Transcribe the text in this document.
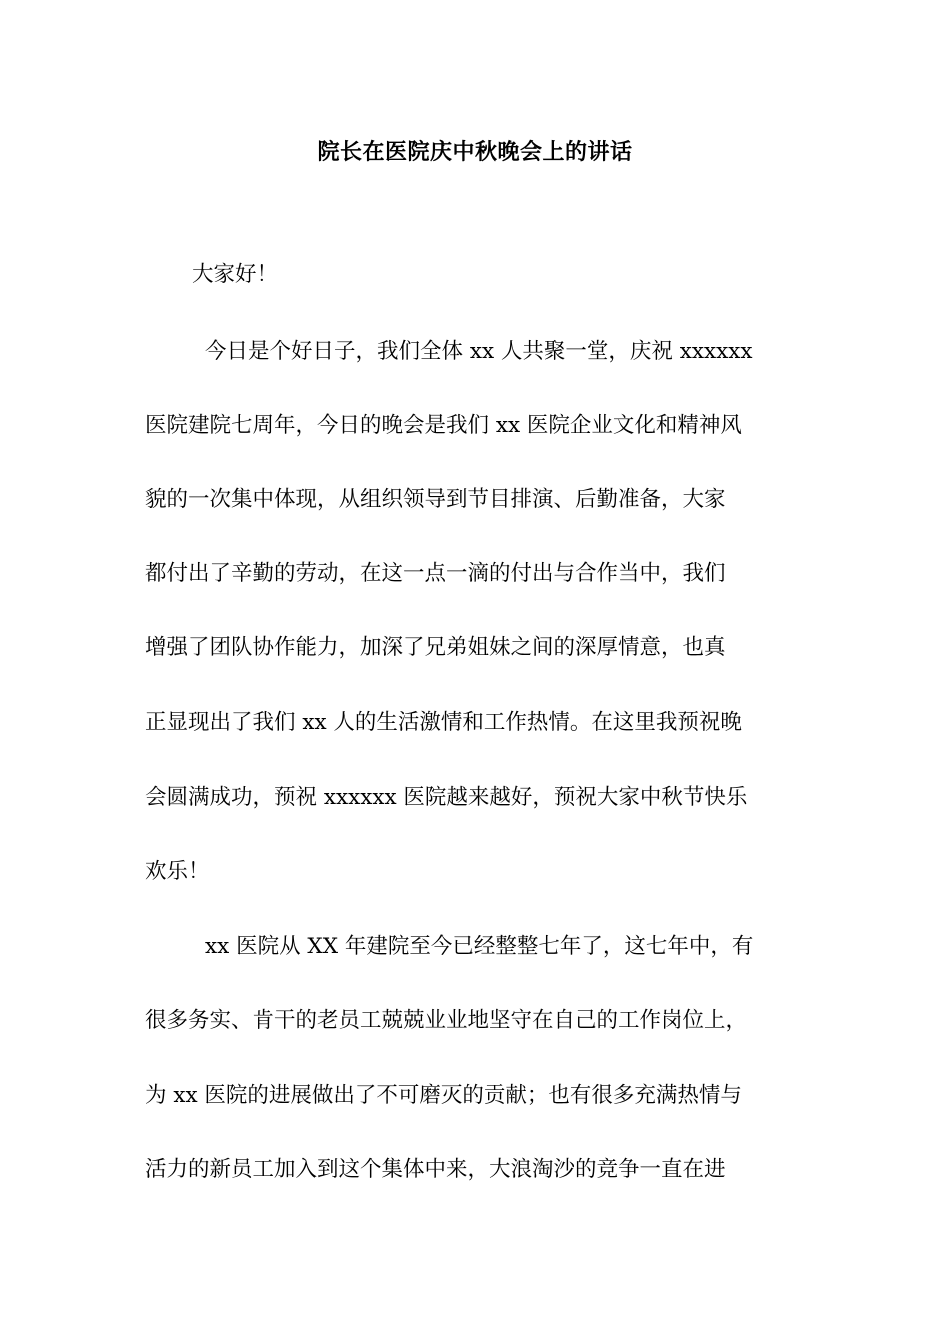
院长在医院庆中秋晚会上的讲话
大家好！
今日是个好日子，我们全体 xx 人共聚一堂，庆祝 xxxxxx
医院建院七周年，今日的晚会是我们 xx 医院企业文化和精神风
貌的一次集中体现，从组织领导到节目排演、后勤准备，大家
都付出了辛勤的劳动，在这一点一滴的付出与合作当中，我们
增强了团队协作能力，加深了兄弟姐妹之间的深厚情意，也真
正显现出了我们 xx 人的生活激情和工作热情。在这里我预祝晚
会圆满成功，预祝 xxxxxx 医院越来越好，预祝大家中秋节快乐
欢乐！
xx 医院从 XX 年建院至今已经整整七年了，这七年中，有
很多务实、肯干的老员工兢兢业业地坚守在自己的工作岗位上，
为 xx 医院的进展做出了不可磨灭的贡献；也有很多充满热情与
活力的新员工加入到这个集体中来，大浪淘沙的竞争一直在进
